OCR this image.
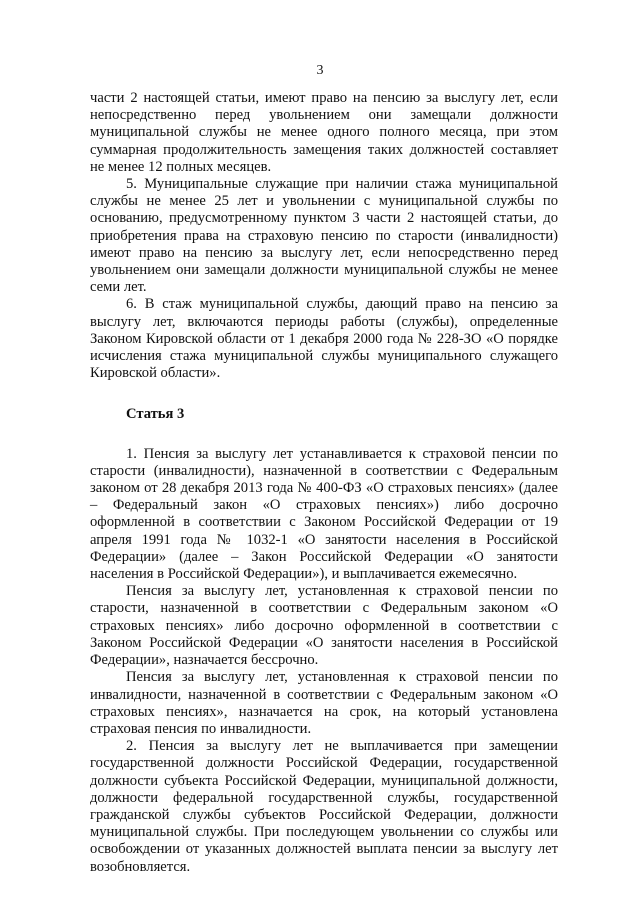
3

части 2 настоящей статьи, имеют право на пенсию за выслугу лет, если непосредственно перед увольнением они замещали должности муниципальной службы не менее одного полного месяца, при этом суммарная продолжительность замещения таких должностей составляет не менее 12 полных месяцев.

5. Муниципальные служащие при наличии стажа муниципальной службы не менее 25 лет и увольнении с муниципальной службы по основанию, предусмотренному пунктом 3 части 2 настоящей статьи, до приобретения права на страховую пенсию по старости (инвалидности) имеют право на пенсию за выслугу лет, если непосредственно перед увольнением они замещали должности муниципальной службы не менее семи лет.

6. В стаж муниципальной службы, дающий право на пенсию за выслугу лет, включаются периоды работы (службы), определенные Законом Кировской области от 1 декабря 2000 года № 228-ЗО «О порядке исчисления стажа муниципальной службы муниципального служащего Кировской области».

Статья 3

1. Пенсия за выслугу лет устанавливается к страховой пенсии по старости (инвалидности), назначенной в соответствии с Федеральным законом от 28 декабря 2013 года № 400-ФЗ «О страховых пенсиях» (далее – Федеральный закон «О страховых пенсиях») либо досрочно оформленной в соответствии с Законом Российской Федерации от 19 апреля 1991 года № 1032-1 «О занятости населения в Российской Федерации» (далее – Закон Российской Федерации «О занятости населения в Российской Федерации»), и выплачивается ежемесячно.

Пенсия за выслугу лет, установленная к страховой пенсии по старости, назначенной в соответствии с Федеральным законом «О страховых пенсиях» либо досрочно оформленной в соответствии с Законом Российской Федерации «О занятости населения в Российской Федерации», назначается бессрочно.

Пенсия за выслугу лет, установленная к страховой пенсии по инвалидности, назначенной в соответствии с Федеральным законом «О страховых пенсиях», назначается на срок, на который установлена страховая пенсия по инвалидности.

2. Пенсия за выслугу лет не выплачивается при замещении государственной должности Российской Федерации, государственной должности субъекта Российской Федерации, муниципальной должности, должности федеральной государственной службы, государственной гражданской службы субъектов Российской Федерации, должности муниципальной службы. При последующем увольнении со службы или освобождении от указанных должностей выплата пенсии за выслугу лет возобновляется.
